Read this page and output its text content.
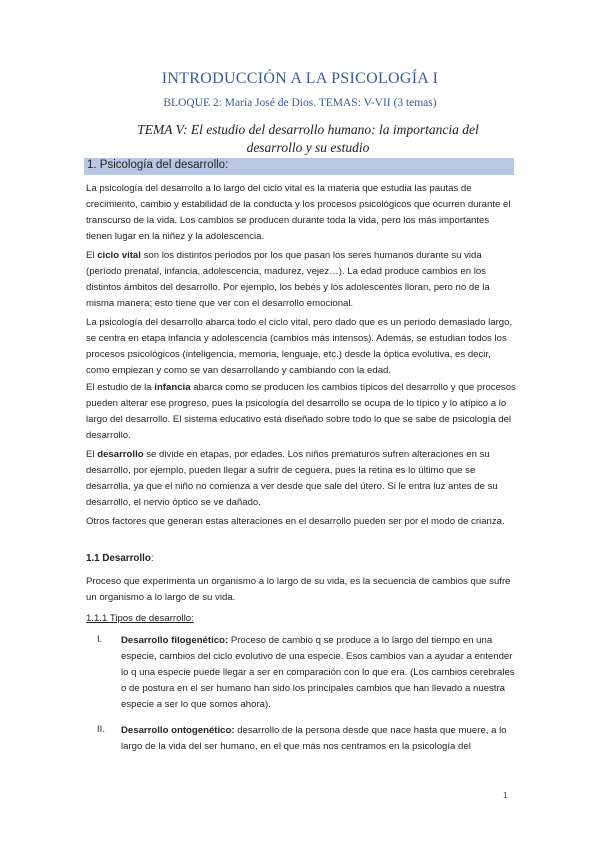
INTRODUCCIÓN A LA PSICOLOGÍA I
BLOQUE 2: María José de Dios. TEMAS: V-VII (3 temas)
TEMA V: El estudio del desarrollo humano: la importancia del desarrollo y su estudio
1. Psicología del desarrollo:
La psicología del desarrollo a lo largo del ciclo vital es la materia que estudia las pautas de crecimiento, cambio y estabilidad de la conducta y los procesos psicológicos que ocurren durante el transcurso de la vida. Los cambios se producen durante toda la vida, pero los más importantes tienen lugar en la niñez y la adolescencia.
El ciclo vital son los distintos periodos por los que pasan los seres humanos durante su vida (período prenatal, infancia, adolescencia, madurez, vejez…). La edad produce cambios en los distintos ámbitos del desarrollo. Por ejemplo, los bebés y los adolescentes lloran, pero no de la misma manera; esto tiene que ver con el desarrollo emocional.
La psicología del desarrollo abarca todo el ciclo vital, pero dado que es un periodo demasiado largo, se centra en etapa infancia y adolescencia (cambios más intensos). Además, se estudian todos los procesos psicológicos (inteligencia, memoria, lenguaje, etc.) desde la óptica evolutiva, es decir, como empiezan y como se van desarrollando y cambiando con la edad.
El estudio de la infancia abarca como se producen los cambios típicos del desarrollo y que procesos pueden alterar ese progreso, pues la psicología del desarrollo se ocupa de lo típico y lo atípico a lo largo del desarrollo. El sistema educativo está diseñado sobre todo lo que se sabe de psicología del desarrollo.
El desarrollo se divide en etapas, por edades. Los niños prematuros sufren alteraciones en su desarrollo, por ejemplo, pueden llegar a sufrir de ceguera, pues la retina es lo último que se desarrolla, ya que el niño no comienza a ver desde que sale del útero. Si le entra luz antes de su desarrollo, el nervio óptico se ve dañado.
Otros factores que generan estas alteraciones en el desarrollo pueden ser por el modo de crianza.
1.1 Desarrollo:
Proceso que experimenta un organismo a lo largo de su vida, es la secuencia de cambios que sufre un organismo a lo largo de su vida.
1.1.1 Tipos de desarrollo:
I. Desarrollo filogenético: Proceso de cambio q se produce a lo largo del tiempo en una especie, cambios del ciclo evolutivo de una especie. Esos cambios van a ayudar a entender lo q una especie puede llegar a ser en comparación con lo que era. (Los cambios cerebrales o de postura en el ser humano han sido los principales cambios que han llevado a nuestra especie a ser lo que somos ahora).
II. Desarrollo ontogenético: desarrollo de la persona desde que nace hasta que muere, a lo largo de la vida del ser humano, en el que más nos centramos en la psicología del
1
